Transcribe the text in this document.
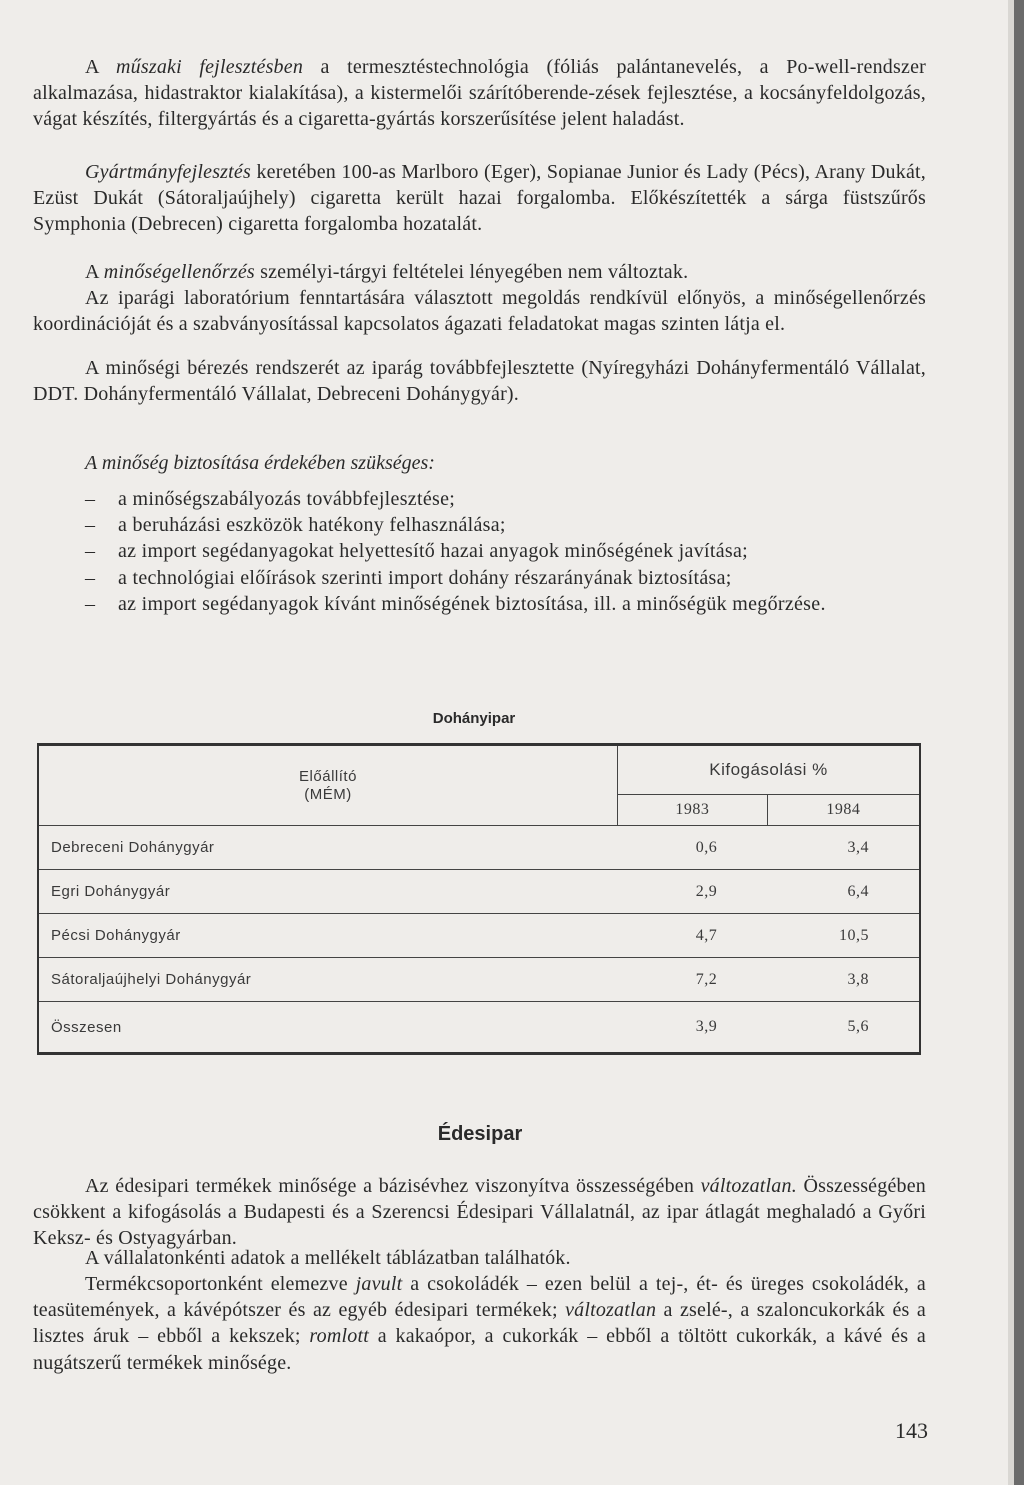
A műszaki fejlesztésben a termesztéstechnológia (fóliás palántanevelés, a Po-well-rendszer alkalmazása, hidastraktor kialakítása), a kistermelői szárítóberende-zések fejlesztése, a kocsányfeldolgozás, vágat készítés, filtergyártás és a cigaretta-gyártás korszerűsítése jelent haladást.

Gyártmányfejlesztés keretében 100-as Marlboro (Eger), Sopianae Junior és Lady (Pécs), Arany Dukát, Ezüst Dukát (Sátoraljaújhely) cigaretta került hazai forgalomba. Előkészítették a sárga füstszűrős Symphonia (Debrecen) cigaretta forgalomba hozatalát.

A minőségellenőrzés személyi-tárgyi feltételei lényegében nem változtak.

Az iparági laboratórium fenntartására választott megoldás rendkívül előnyös, a minőségellenőrzés koordinációját és a szabványosítással kapcsolatos ágazati feladatokat magas szinten látja el.

A minőségi bérezés rendszerét az iparág továbbfejlesztette (Nyíregyházi Dohányfermentáló Vállalat, DDT. Dohányfermentáló Vállalat, Debreceni Dohánygyár).

A minőség biztosítása érdekében szükséges:

– a minőségszabályozás továbbfejlesztése;
– a beruházási eszközök hatékony felhasználása;
– az import segédanyagokat helyettesítő hazai anyagok minőségének javítása;
– a technológiai előírások szerinti import dohány részarányának biztosítása;
– az import segédanyagok kívánt minőségének biztosítása, ill. a minőségük megőrzése.
Dohányipar
Előállító
(MÉM)	Kifogásolási %	
	1983	1984
Debreceni Dohánygyár	0,6	3,4
Egri Dohánygyár	2,9	6,4
Pécsi Dohánygyár	4,7	10,5
Sátoraljaújhelyi Dohánygyár	7,2	3,8
Összesen	3,9	5,6
Édesipar

Az édesipari termékek minősége a bázisévhez viszonyítva összességében változatlan. Összességében csökkent a kifogásolás a Budapesti és a Szerencsi Édesipari Vállalatnál, az ipar átlagát meghaladó a Győri Keksz- és Ostyagyárban.

A vállalatonkénti adatok a mellékelt táblázatban találhatók.

Termékcsoportonként elemezve javult a csokoládék – ezen belül a tej-, ét- és üreges csokoládék, a teasütemények, a kávépótszer és az egyéb édesipari termékek; változatlan a zselé-, a szaloncukorkák és a lisztes áruk – ebből a kekszek; romlott a kakaópor, a cukorkák – ebből a töltött cukorkák, a kávé és a nugátszerű termékek minősége.

143
